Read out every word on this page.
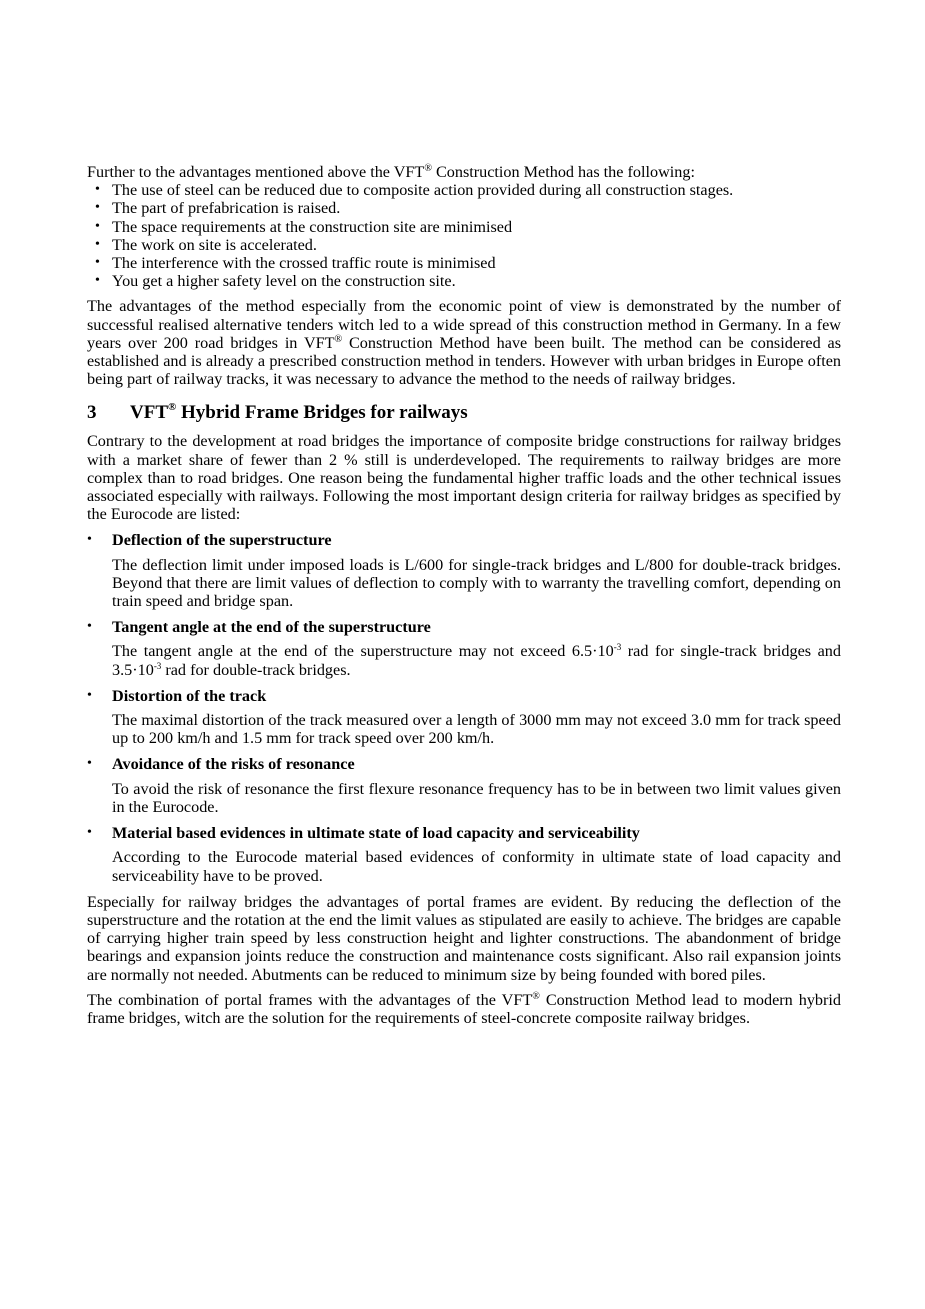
Further to the advantages mentioned above the VFT® Construction Method has the following:

• The use of steel can be reduced due to composite action provided during all construction stages.
• The part of prefabrication is raised.
• The space requirements at the construction site are minimised
• The work on site is accelerated.
• The interference with the crossed traffic route is minimised
• You get a higher safety level on the construction site.

The advantages of the method especially from the economic point of view is demonstrated by the number of successful realised alternative tenders witch led to a wide spread of this construction method in Germany. In a few years over 200 road bridges in VFT® Construction Method have been built. The method can be considered as established and is already a prescribed construction method in tenders. However with urban bridges in Europe often being part of railway tracks, it was necessary to advance the method to the needs of railway bridges.

3 VFT® Hybrid Frame Bridges for railways

Contrary to the development at road bridges the importance of composite bridge constructions for railway bridges with a market share of fewer than 2 % still is underdeveloped. The requirements to railway bridges are more complex than to road bridges. One reason being the fundamental higher traffic loads and the other technical issues associated especially with railways. Following the most important design criteria for railway bridges as specified by the Eurocode are listed:

•	Deflection of the superstructure
The deflection limit under imposed loads is L/600 for single-track bridges and L/800 for double-track bridges. Beyond that there are limit values of deflection to comply with to warranty the travelling comfort, depending on train speed and bridge span.
•	Tangent angle at the end of the superstructure
The tangent angle at the end of the superstructure may not exceed $6.5\cdot 10^{-3}$ rad for single-track bridges and $3.5\cdot 10^{-3}$ rad for double-track bridges.
•	Distortion of the track
The maximal distortion of the track measured over a length of 3000 mm may not exceed 3.0 mm for track speed up to 200 km/h and 1.5 mm for track speed over 200 km/h.
•	Avoidance of the risks of resonance
To avoid the risk of resonance the first flexure resonance frequency has to be in between two limit values given in the Eurocode.
•	Material based evidences in ultimate state of load capacity and serviceability
According to the Eurocode material based evidences of conformity in ultimate state of load capacity and serviceability have to be proved.

Especially for railway bridges the advantages of portal frames are evident. By reducing the deflection of the superstructure and the rotation at the end the limit values as stipulated are easily to achieve. The bridges are capable of carrying higher train speed by less construction height and lighter constructions. The abandonment of bridge bearings and expansion joints reduce the construction and maintenance costs significant. Also rail expansion joints are normally not needed. Abutments can be reduced to minimum size by being founded with bored piles.

The combination of portal frames with the advantages of the VFT® Construction Method lead to modern hybrid frame bridges, witch are the solution for the requirements of steel-concrete composite railway bridges.
